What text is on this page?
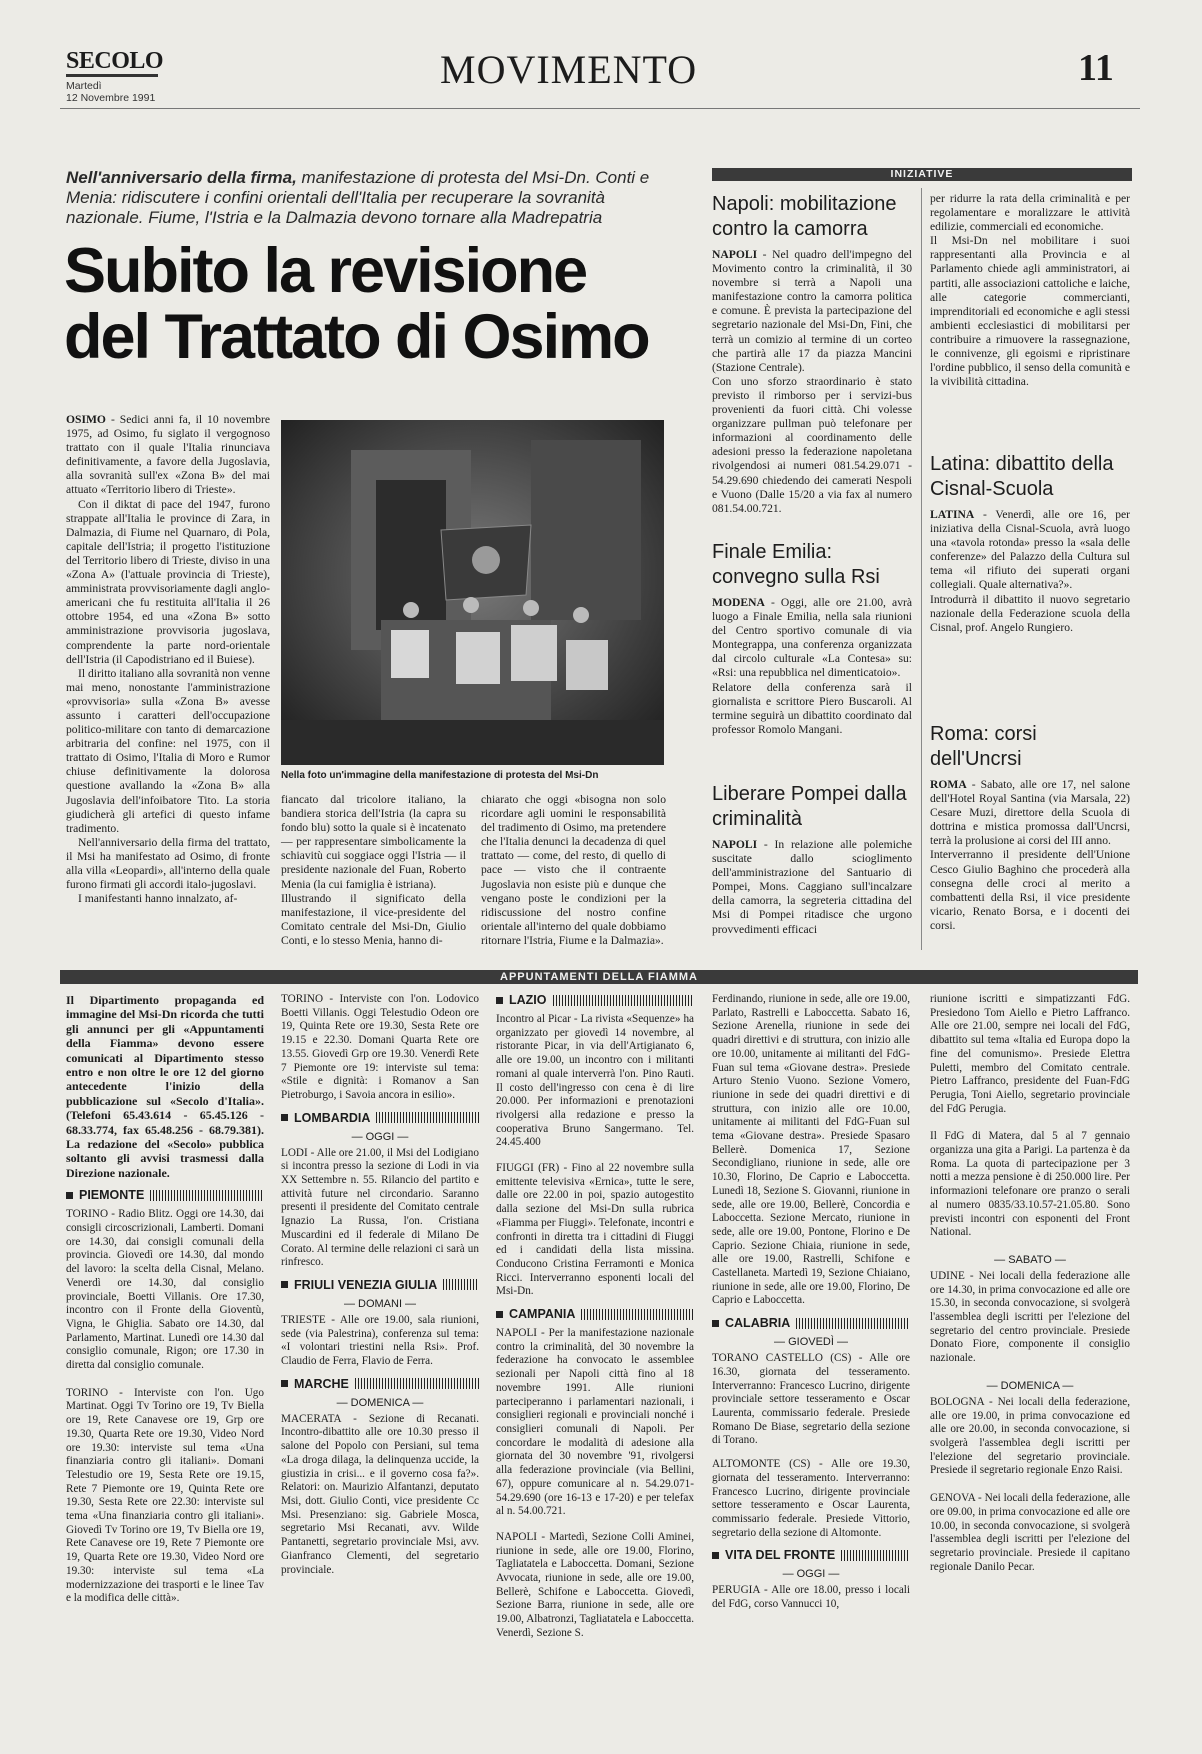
SECOLO
Martedì
12 Novembre 1991
MOVIMENTO	11
Nell'anniversario della firma, manifestazione di protesta del Msi-Dn. Conti e Menia: ridiscutere i confini orientali dell'Italia per recuperare la sovranità nazionale. Fiume, l'Istria e la Dalmazia devono tornare alla Madrepatria
Subito la revisione del Trattato di Osimo

OSIMO - Sedici anni fa, il 10 novembre 1975, ad Osimo, fu siglato il vergognoso trattato con il quale l'Italia rinunciava definitivamente, a favore della Jugoslavia, alla sovranità sull'ex «Zona B» del mai attuato «Territorio libero di Trieste».

Con il diktat di pace del 1947, furono strappate all'Italia le province di Zara, in Dalmazia, di Fiume nel Quarnaro, di Pola, capitale dell'Istria; il progetto l'istituzione del Territorio libero di Trieste, diviso in una «Zona A» (l'attuale provincia di Trieste), amministrata provvisoriamente dagli anglo-americani che fu restituita all'Italia il 26 ottobre 1954, ed una «Zona B» sotto amministrazione provvisoria jugoslava, comprendente la parte nord-orientale dell'Istria (il Capodistriano ed il Buiese).

Il diritto italiano alla sovranità non venne mai meno, nonostante l'amministrazione «provvisoria» sulla «Zona B» avesse assunto i caratteri dell'occupazione politico-militare con tanto di demarcazione arbitraria del confine: nel 1975, con il trattato di Osimo, l'Italia di Moro e Rumor chiuse definitivamente la dolorosa questione avallando la «Zona B» alla Jugoslavia dell'infoibatore Tito. La storia giudicherà gli artefici di questo infame tradimento.

Nell'anniversario della firma del trattato, il Msi ha manifestato ad Osimo, di fronte alla villa «Leopardi», all'interno della quale furono firmati gli accordi italo-jugoslavi.

I manifestanti hanno innalzato, af-

Nella foto un'immagine della manifestazione di protesta del Msi-Dn
fiancato dal tricolore italiano, la bandiera storica dell'Istria (la capra su fondo blu) sotto la quale si è incatenato — per rappresentare simbolicamente la schiavitù cui soggiace oggi l'Istria — il presidente nazionale del Fuan, Roberto Menia (la cui famiglia è istriana).
Illustrando il significato della manifestazione, il vice-presidente del Comitato centrale del Msi-Dn, Giulio Conti, e lo stesso Menia, hanno di-
chiarato che oggi «bisogna non solo ricordare agli uomini le responsabilità del tradimento di Osimo, ma pretendere che l'Italia denunci la decadenza di quel trattato — come, del resto, di quello di pace — visto che il contraente Jugoslavia non esiste più e dunque che vengano poste le condizioni per la ridiscussione del nostro confine orientale all'interno del quale dobbiamo ritornare l'Istria, Fiume e la Dalmazia».
INIZIATIVE
Napoli: mobilitazione contro la camorra
NAPOLI - Nel quadro dell'impegno del Movimento contro la criminalità, il 30 novembre si terrà a Napoli una manifestazione contro la camorra politica e comune. È prevista la partecipazione del segretario nazionale del Msi-Dn, Fini, che terrà un comizio al termine di un corteo che partirà alle 17 da piazza Mancini (Stazione Centrale).
Con uno sforzo straordinario è stato previsto il rimborso per i servizi-bus provenienti da fuori città. Chi volesse organizzare pullman può telefonare per informazioni al coordinamento delle adesioni presso la federazione napoletana rivolgendosi ai numeri 081.54.29.071 - 54.29.690 chiedendo dei camerati Nespoli e Vuono (Dalle 15/20 a via fax al numero 081.54.00.721.
Finale Emilia: convegno sulla Rsi
MODENA - Oggi, alle ore 21.00, avrà luogo a Finale Emilia, nella sala riunioni del Centro sportivo comunale di via Montegrappa, una conferenza organizzata dal circolo culturale «La Contesa» su: «Rsi: una repubblica nel dimenticatoio».
Relatore della conferenza sarà il giornalista e scrittore Piero Buscaroli. Al termine seguirà un dibattito coordinato dal professor Romolo Mangani.
Liberare Pompei dalla criminalità
NAPOLI - In relazione alle polemiche suscitate dallo scioglimento dell'amministrazione del Santuario di Pompei, Mons. Caggiano sull'incalzare della camorra, la segreteria cittadina del Msi di Pompei ritadisce che urgono provvedimenti efficaci
per ridurre la rata della criminalità e per regolamentare e moralizzare le attività edilizie, commerciali ed economiche.
Il Msi-Dn nel mobilitare i suoi rappresentanti alla Provincia e al Parlamento chiede agli amministratori, ai partiti, alle associazioni cattoliche e laiche, alle categorie commercianti, imprenditoriali ed economiche e agli stessi ambienti ecclesiastici di mobilitarsi per contribuire a rimuovere la rassegnazione, le connivenze, gli egoismi e ripristinare l'ordine pubblico, il senso della comunità e la vivibilità cittadina.
Latina: dibattito della Cisnal-Scuola
LATINA - Venerdì, alle ore 16, per iniziativa della Cisnal-Scuola, avrà luogo una «tavola rotonda» presso la «sala delle conferenze» del Palazzo della Cultura sul tema «il rifiuto dei superati organi collegiali. Quale alternativa?».
Introdurrà il dibattito il nuovo segretario nazionale della Federazione scuola della Cisnal, prof. Angelo Rungiero.
Roma: corsi dell'Uncrsi
ROMA - Sabato, alle ore 17, nel salone dell'Hotel Royal Santina (via Marsala, 22) Cesare Muzi, direttore della Scuola di dottrina e mistica promossa dall'Uncrsi, terrà la prolusione ai corsi del III anno.
Interverranno il presidente dell'Unione Cesco Giulio Baghino che procederà alla consegna delle croci al merito a combattenti della Rsi, il vice presidente vicario, Renato Borsa, e i docenti dei corsi.
APPUNTAMENTI DELLA FIAMMA
Il Dipartimento propaganda ed immagine del Msi-Dn ricorda che tutti gli annunci per gli «Appuntamenti della Fiamma» devono essere comunicati al Dipartimento stesso entro e non oltre le ore 12 del giorno antecedente l'inizio della pubblicazione sul «Secolo d'Italia». (Telefoni 65.43.614 - 65.45.126 - 68.33.774, fax 65.48.256 - 68.79.381). La redazione del «Secolo» pubblica soltanto gli avvisi trasmessi dalla Direzione nazionale.
PIEMONTE
TORINO - Radio Blitz. Oggi ore 14.30, dai consigli circoscrizionali, Lamberti. Domani ore 14.30, dai consigli comunali della provincia. Giovedì ore 14.30, dal mondo del lavoro: la scelta della Cisnal, Melano. Venerdì ore 14.30, dal consiglio provinciale, Boetti Villanis. Ore 17.30, incontro con il Fronte della Gioventù, Vigna, le Ghiglia. Sabato ore 14.30, dal Parlamento, Martinat. Lunedì ore 14.30 dal consiglio comunale, Rigon; ore 17.30 in diretta dal consiglio comunale.
TORINO - Interviste con l'on. Ugo Martinat. Oggi Tv Torino ore 19, Tv Biella ore 19, Rete Canavese ore 19, Grp ore 19.30, Quarta Rete ore 19.30, Video Nord ore 19.30: interviste sul tema «Una finanziaria contro gli italiani». Domani Telestudio ore 19, Sesta Rete ore 19.15, Rete 7 Piemonte ore 19, Quinta Rete ore 19.30, Sesta Rete ore 22.30: interviste sul tema «Una finanziaria contro gli italiani». Giovedì Tv Torino ore 19, Tv Biella ore 19, Rete Canavese ore 19, Rete 7 Piemonte ore 19, Quarta Rete ore 19.30, Video Nord ore 19.30: interviste sul tema «La modernizzazione dei trasporti e le linee Tav e la modifica delle città».
TORINO - Interviste con l'on. Lodovico Boetti Villanis. Oggi Telestudio Odeon ore 19, Quinta Rete ore 19.30, Sesta Rete ore 19.15 e 22.30. Domani Quarta Rete ore 13.55. Giovedì Grp ore 19.30. Venerdì Rete 7 Piemonte ore 19: interviste sul tema: «Stile e dignità: i Romanov a San Pietroburgo, i Savoia ancora in esilio».
LOMBARDIA
— OGGI —
LODI - Alle ore 21.00, il Msi del Lodigiano si incontra presso la sezione di Lodi in via XX Settembre n. 55. Rilancio del partito e attività future nel circondario. Saranno presenti il presidente del Comitato centrale Ignazio La Russa, l'on. Cristiana Muscardini ed il federale di Milano De Corato. Al termine delle relazioni ci sarà un rinfresco.
FRIULI VENEZIA GIULIA
— DOMANI —
TRIESTE - Alle ore 19.00, sala riunioni, sede (via Palestrina), conferenza sul tema: «I volontari triestini nella Rsi». Prof. Claudio de Ferra, Flavio de Ferra.
MARCHE
— DOMENICA —
MACERATA - Sezione di Recanati. Incontro-dibattito alle ore 10.30 presso il salone del Popolo con Persiani, sul tema «La droga dilaga, la delinquenza uccide, la giustizia in crisi... e il governo cosa fa?». Relatori: on. Maurizio Alfantanzi, deputato Msi, dott. Giulio Conti, vice presidente Cc Msi. Presenziano: sig. Gabriele Mosca, segretario Msi Recanati, avv. Wilde Pantanetti, segretario provinciale Msi, avv. Gianfranco Clementi, del segretario provinciale.
LAZIO
Incontro al Picar - La rivista «Sequenze» ha organizzato per giovedì 14 novembre, al ristorante Picar, in via dell'Artigianato 6, alle ore 19.00, un incontro con i militanti romani al quale interverrà l'on. Pino Rauti. Il costo dell'ingresso con cena è di lire 20.000. Per informazioni e prenotazioni rivolgersi alla redazione e presso la cooperativa Bruno Sangermano. Tel. 24.45.400
FIUGGI (FR) - Fino al 22 novembre sulla emittente televisiva «Ernica», tutte le sere, dalle ore 22.00 in poi, spazio autogestito dalla sezione del Msi-Dn sulla rubrica «Fiamma per Fiuggi». Telefonate, incontri e confronti in diretta tra i cittadini di Fiuggi ed i candidati della lista missina. Conducono Cristina Ferramonti e Monica Ricci. Interverranno esponenti locali del Msi-Dn.
CAMPANIA
NAPOLI - Per la manifestazione nazionale contro la criminalità, del 30 novembre la federazione ha convocato le assemblee sezionali per Napoli città fino al 18 novembre 1991. Alle riunioni parteciperanno i parlamentari nazionali, i consiglieri regionali e provinciali nonché i consiglieri comunali di Napoli. Per concordare le modalità di adesione alla giornata del 30 novembre '91, rivolgersi alla federazione provinciale (via Bellini, 67), oppure comunicare al n. 54.29.071-54.29.690 (ore 16-13 e 17-20) e per telefax al n. 54.00.721.
NAPOLI - Martedì, Sezione Colli Aminei, riunione in sede, alle ore 19.00, Florino, Tagliatatela e Laboccetta. Domani, Sezione Avvocata, riunione in sede, alle ore 19.00, Bellerè, Schifone e Laboccetta. Giovedì, Sezione Barra, riunione in sede, alle ore 19.00, Albatronzi, Tagliatatela e Laboccetta. Venerdì, Sezione S.
Ferdinando, riunione in sede, alle ore 19.00, Parlato, Rastrelli e Laboccetta. Sabato 16, Sezione Arenella, riunione in sede dei quadri direttivi e di struttura, con inizio alle ore 10.00, unitamente ai militanti del FdG-Fuan sul tema «Giovane destra». Presiede Arturo Stenio Vuono. Sezione Vomero, riunione in sede dei quadri direttivi e di struttura, con inizio alle ore 10.00, unitamente ai militanti del FdG-Fuan sul tema «Giovane destra». Presiede Spasaro Bellerè. Domenica 17, Sezione Secondigliano, riunione in sede, alle ore 10.30, Florino, De Caprio e Laboccetta. Lunedì 18, Sezione S. Giovanni, riunione in sede, alle ore 19.00, Bellerè, Concordia e Laboccetta. Sezione Mercato, riunione in sede, alle ore 19.00, Pontone, Florino e De Caprio. Sezione Chiaia, riunione in sede, alle ore 19.00, Rastrelli, Schifone e Castellaneta. Martedì 19, Sezione Chiaiano, riunione in sede, alle ore 19.00, Florino, De Caprio e Laboccetta.
CALABRIA
— GIOVEDÌ —
TORANO CASTELLO (CS) - Alle ore 16.30, giornata del tesseramento. Interverranno: Francesco Lucrino, dirigente provinciale settore tesseramento e Oscar Laurenta, commissario federale. Presiede Romano De Biase, segretario della sezione di Torano.
ALTOMONTE (CS) - Alle ore 19.30, giornata del tesseramento. Interverranno: Francesco Lucrino, dirigente provinciale settore tesseramento e Oscar Laurenta, commissario federale. Presiede Vittorio, segretario della sezione di Altomonte.
VITA DEL FRONTE
— OGGI —
PERUGIA - Alle ore 18.00, presso i locali del FdG, corso Vannucci 10,
riunione iscritti e simpatizzanti FdG. Presiedono Tom Aiello e Pietro Laffranco. Alle ore 21.00, sempre nei locali del FdG, dibattito sul tema «Italia ed Europa dopo la fine del comunismo». Presiede Elettra Puletti, membro del Comitato centrale. Pietro Laffranco, presidente del Fuan-FdG Perugia, Toni Aiello, segretario provinciale del FdG Perugia.
Il FdG di Matera, dal 5 al 7 gennaio organizza una gita a Parigi. La partenza è da Roma. La quota di partecipazione per 3 notti a mezza pensione è di 250.000 lire. Per informazioni telefonare ore pranzo o serali al numero 0835/33.10.57-21.05.80. Sono previsti incontri con esponenti del Front National.
— SABATO —
UDINE - Nei locali della federazione alle ore 14.30, in prima convocazione ed alle ore 15.30, in seconda convocazione, si svolgerà l'assemblea degli iscritti per l'elezione del segretario del centro provinciale. Presiede Donato Fiore, componente il consiglio nazionale.
— DOMENICA —
BOLOGNA - Nei locali della federazione, alle ore 19.00, in prima convocazione ed alle ore 20.00, in seconda convocazione, si svolgerà l'assemblea degli iscritti per l'elezione del segretario provinciale. Presiede il segretario regionale Enzo Raisi.
GENOVA - Nei locali della federazione, alle ore 09.00, in prima convocazione ed alle ore 10.00, in seconda convocazione, si svolgerà l'assemblea degli iscritti per l'elezione del segretario provinciale. Presiede il capitano regionale Danilo Pecar.
